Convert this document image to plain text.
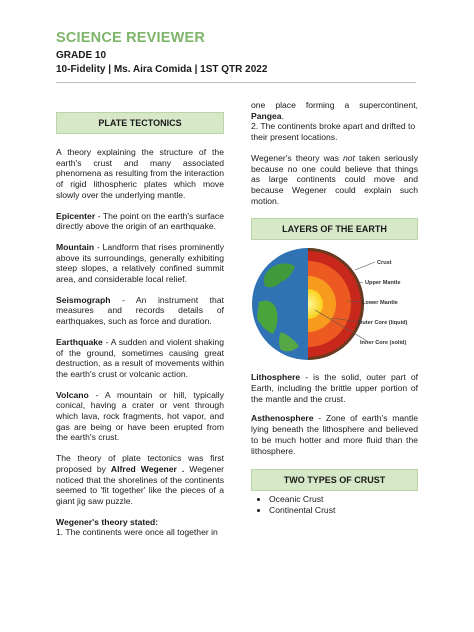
SCIENCE REVIEWER
GRADE 10
10-Fidelity | Ms. Aira Comida | 1ST QTR 2022
PLATE TECTONICS

A theory explaining the structure of the earth's crust and many associated phenomena as resulting from the interaction of rigid lithospheric plates which move slowly over the underlying mantle.

Epicenter - The point on the earth's surface directly above the origin of an earthquake.

Mountain - Landform that rises prominently above its surroundings, generally exhibiting steep slopes, a relatively confined summit area, and considerable local relief.

Seismograph - An instrument that measures and records details of earthquakes, such as force and duration.

Earthquake - A sudden and violent shaking of the ground, sometimes causing great destruction, as a result of movements within the earth's crust or volcanic action.

Volcano - A mountain or hill, typically conical, having a crater or vent through which lava, rock fragments, hot vapor, and gas are being or have been erupted from the earth's crust.

The theory of plate tectonics was first proposed by Alfred Wegener . Wegener noticed that the shorelines of the continents seemed to 'fit together' like the pieces of a giant jig saw puzzle.

Wegener's theory stated:

1. The continents were once all together in

one place forming a supercontinent, Pangea.

2. The continents broke apart and drifted to their present locations.

Wegener's theory was not taken seriously because no one could believe that things as large continents could move and because Wegener could explain such motion.

LAYERS OF THE EARTH
Crust
Upper Mantle
Lower Mantle
Outer Core (liquid)
Inner Core (solid)

Lithosphere - is the solid, outer part of Earth, including the brittle upper portion of the mantle and the crust.

Asthenosphere - Zone of earth's mantle lying beneath the lithosphere and believed to be much hotter and more fluid than the lithosphere.

TWO TYPES OF CRUST
• Oceanic Crust
• Continental Crust
